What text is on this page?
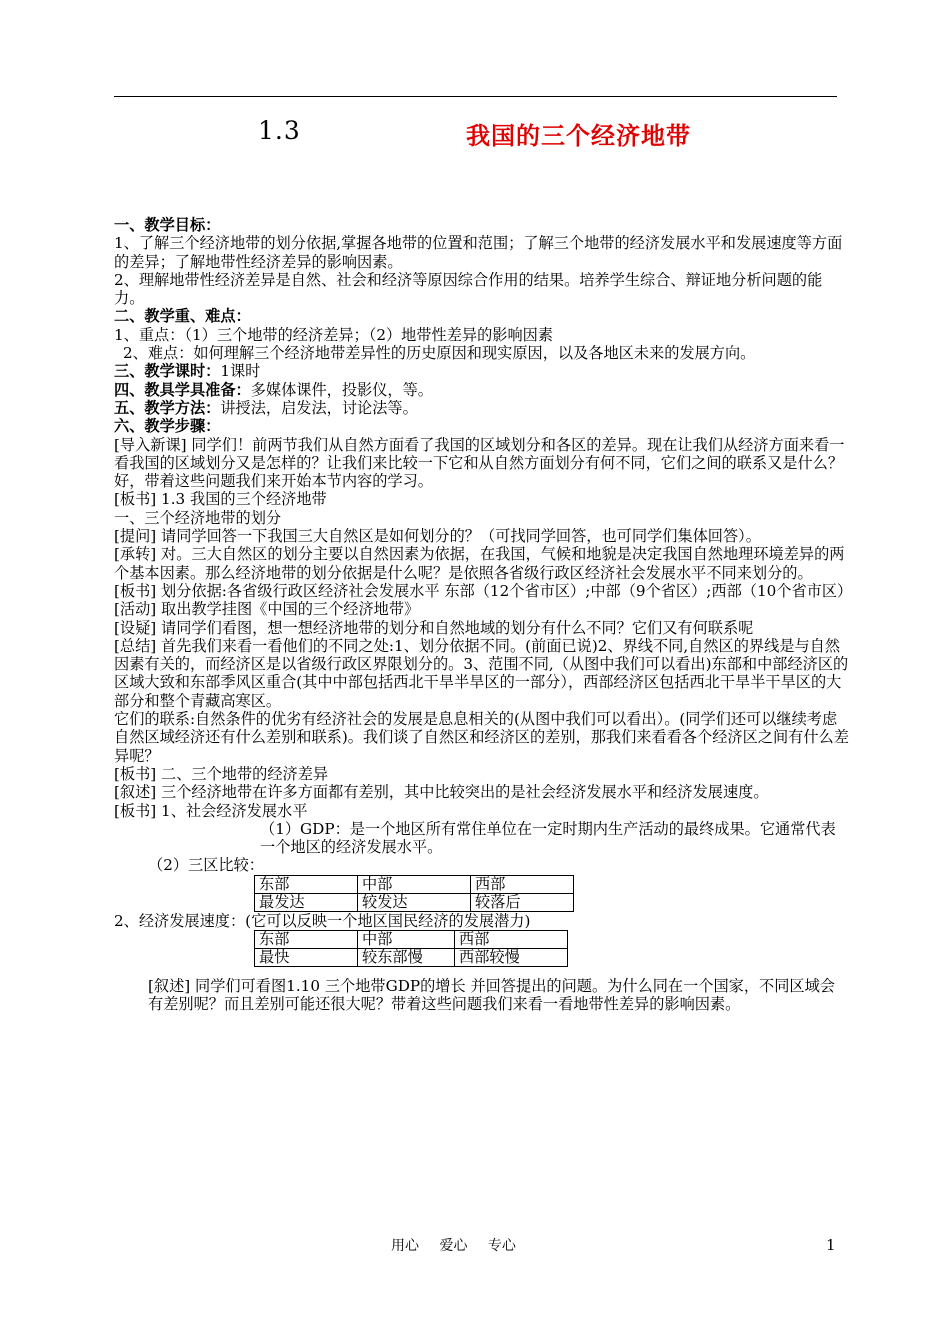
1.3	我国的三个经济地带

一、教学目标：

1、了解三个经济地带的划分依据,掌握各地带的位置和范围；了解三个地带的经济发展水平和发展速度等方面的差异；了解地带性经济差异的影响因素。

2、理解地带性经济差异是自然、社会和经济等原因综合作用的结果。培养学生综合、辩证地分析问题的能力。

二、教学重、难点：

1、重点：（1）三个地带的经济差异；（2）地带性差异的影响因素

2、难点：如何理解三个经济地带差异性的历史原因和现实原因，以及各地区未来的发展方向。

三、教学课时：1课时

四、教具学具准备：多媒体课件，投影仪，等。

五、教学方法：讲授法，启发法，讨论法等。

六、教学步骤：

[导入新课] 同学们！前两节我们从自然方面看了我国的区域划分和各区的差异。现在让我们从经济方面来看一看我国的区域划分又是怎样的？让我们来比较一下它和从自然方面划分有何不同，它们之间的联系又是什么？好，带着这些问题我们来开始本节内容的学习。

[板书] 1.3 我国的三个经济地带

一、三个经济地带的划分

[提问] 请同学回答一下我国三大自然区是如何划分的？（可找同学回答，也可同学们集体回答）。

[承转] 对。三大自然区的划分主要以自然因素为依据，在我国，气候和地貌是决定我国自然地理环境差异的两个基本因素。那么经济地带的划分依据是什么呢？是依照各省级行政区经济社会发展水平不同来划分的。

[板书] 划分依据:各省级行政区经济社会发展水平 东部（12个省市区）;中部（9个省区）;西部（10个省市区）

[活动] 取出教学挂图《中国的三个经济地带》

[设疑] 请同学们看图，想一想经济地带的划分和自然地域的划分有什么不同？它们又有何联系呢

[总结] 首先我们来看一看他们的不同之处:1、划分依据不同。(前面已说)2、界线不同,自然区的界线是与自然因素有关的，而经济区是以省级行政区界限划分的。3、范围不同,（从图中我们可以看出)东部和中部经济区的区域大致和东部季风区重合(其中中部包括西北干旱半旱区的一部分），西部经济区包括西北干旱半干旱区的大部分和整个青藏高寒区。

它们的联系:自然条件的优劣有经济社会的发展是息息相关的(从图中我们可以看出）。(同学们还可以继续考虑自然区域经济还有什么差别和联系)。我们谈了自然区和经济区的差别，那我们来看看各个经济区之间有什么差异呢？

[板书] 二、三个地带的经济差异

[叙述] 三个经济地带在许多方面都有差别，其中比较突出的是社会经济发展水平和经济发展速度。

[板书] 1、社会经济发展水平

（1）GDP：是一个地区所有常住单位在一定时期内生产活动的最终成果。它通常代表一个地区的经济发展水平。

（2）三区比较：

东部	中部	西部
最发达	较发达	较落后

2、经济发展速度：(它可以反映一个地区国民经济的发展潜力)

东部	中部	西部
最快	较东部慢	西部较慢

[叙述] 同学们可看图1.10 三个地带GDP的增长 并回答提出的问题。为什么同在一个国家，不同区域会有差别呢？而且差别可能还很大呢？带着这些问题我们来看一看地带性差异的影响因素。

用心 爱心 专心	1
